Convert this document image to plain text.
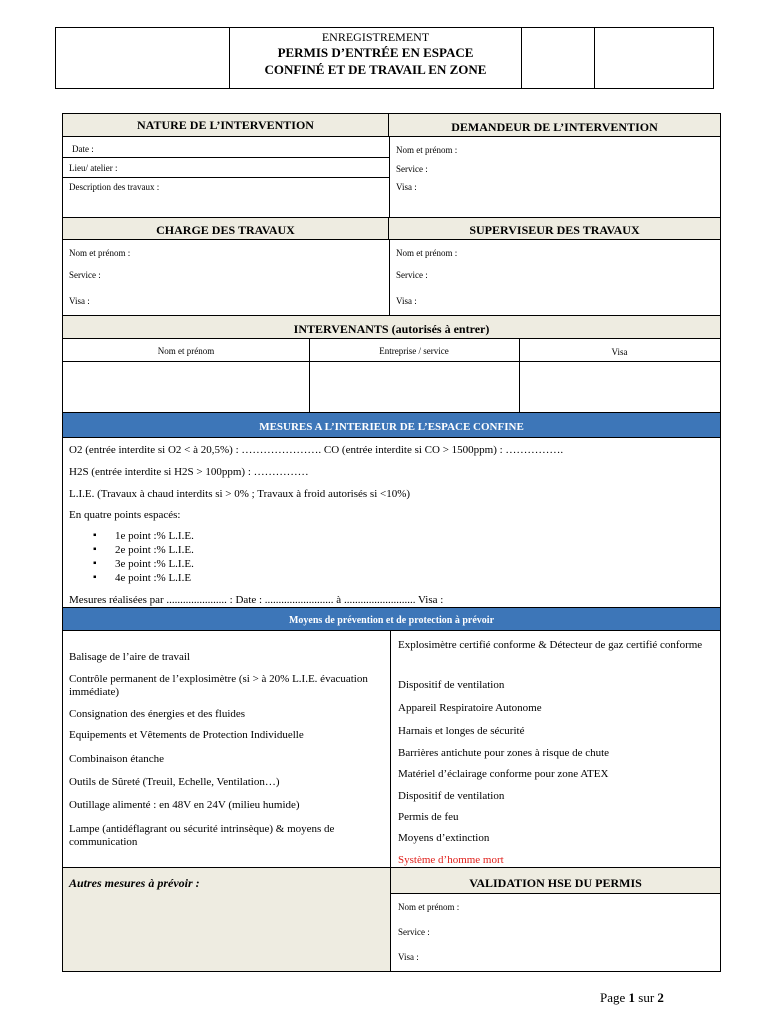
ENREGISTREMENT
PERMIS D’ENTRÉE EN ESPACE
CONFINÉ ET DE TRAVAIL EN ZONE
NATURE DE L’INTERVENTION	DEMANDEUR DE L’INTERVENTION
Date :
Lieu/ atelier :
Description des travaux :
Nom et prénom :
Service :
Visa :
CHARGE DES TRAVAUX	SUPERVISEUR DES TRAVAUX
Nom et prénom :
Service :
Visa :
Nom et prénom :
Service :
Visa :
INTERVENANTS (autorisés à entrer)
Nom et prénom	Entreprise / service	Visa
MESURES A L’INTERIEUR DE L’ESPACE CONFINE
O2 (entrée interdite si O2 < à 20,5%) : …………………. CO (entrée interdite si CO > 1500ppm) : …………….
H2S (entrée interdite si H2S > 100ppm) : ……………
L.I.E. (Travaux à chaud interdits si > 0% ; Travaux à froid autorisés si <10%)
En quatre points espacés:
▪ 1e point :% L.I.E.
▪ 2e point :% L.I.E.
▪ 3e point :% L.I.E.
▪ 4e point :% L.I.E
Mesures réalisées par ...................... : Date : ......................... à .......................... Visa :
Moyens de prévention et de protection à prévoir
Balisage de l’aire de travail
Contrôle permanent de l’explosimètre (si > à 20% L.I.E. évacuation immédiate)
Consignation des énergies et des fluides
Equipements et Vêtements de Protection Individuelle
Combinaison étanche
Outils de Sûreté (Treuil, Echelle, Ventilation…)
Outillage alimenté : en 48V en 24V (milieu humide)
Lampe (antidéflagrant ou sécurité intrinsèque) & moyens de communication
Explosimètre certifié conforme & Détecteur de gaz certifié conforme
Dispositif de ventilation
Appareil Respiratoire Autonome
Harnais et longes de sécurité
Barrières antichute pour zones à risque de chute
Matériel d’éclairage conforme pour zone ATEX
Dispositif de ventilation
Permis de feu
Moyens d’extinction
Système d’homme mort
Autres mesures à prévoir :	VALIDATION HSE DU PERMIS
Nom et prénom :
Service :
Visa :
Page 1 sur 2
